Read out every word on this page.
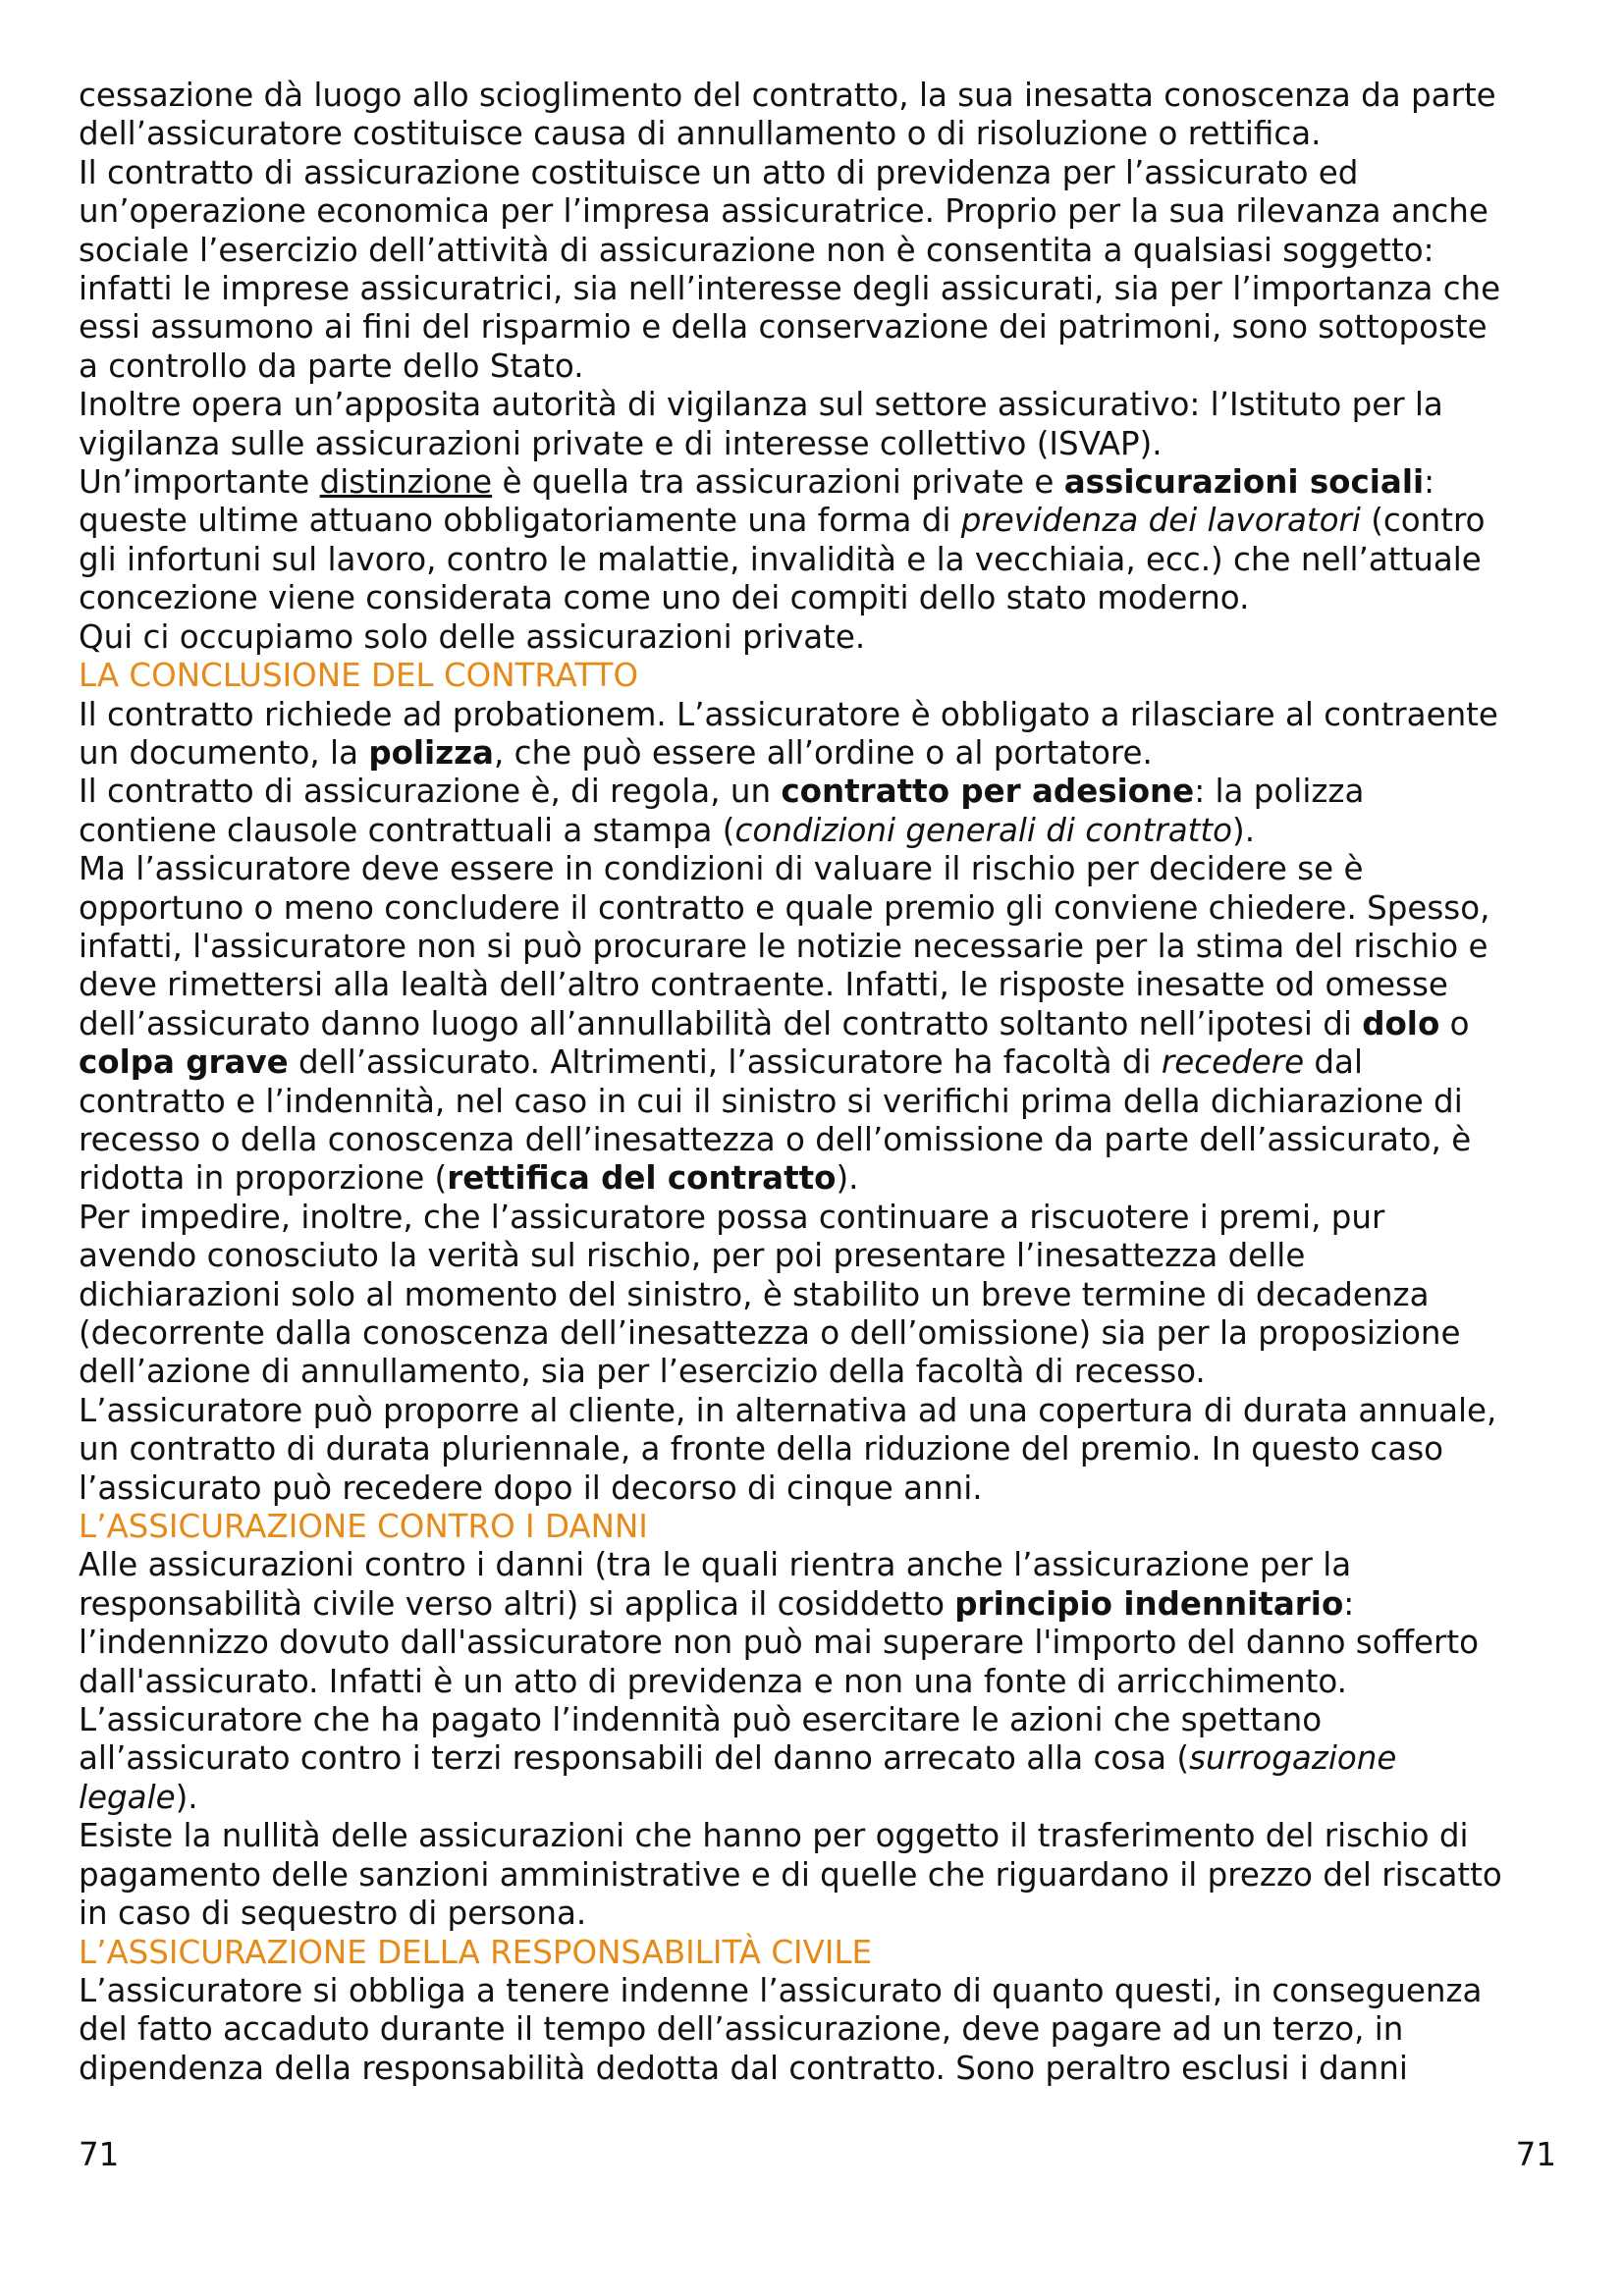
cessazione dà luogo allo scioglimento del contratto, la sua inesatta conoscenza da parte
dell’assicuratore costituisce causa di annullamento o di risoluzione o rettifica.

Il contratto di assicurazione costituisce un atto di previdenza per l’assicurato ed
un’operazione economica per l’impresa assicuratrice. Proprio per la sua rilevanza anche
sociale l’esercizio dell’attività di assicurazione non è consentita a qualsiasi soggetto:
infatti le imprese assicuratrici, sia nell’interesse degli assicurati, sia per l’importanza che
essi assumono ai fini del risparmio e della conservazione dei patrimoni, sono sottoposte
a controllo da parte dello Stato.

Inoltre opera un’apposita autorità di vigilanza sul settore assicurativo: l’Istituto per la
vigilanza sulle assicurazioni private e di interesse collettivo (ISVAP).

Un’importante distinzione è quella tra assicurazioni private e assicurazioni sociali:
queste ultime attuano obbligatoriamente una forma di previdenza dei lavoratori (contro
gli infortuni sul lavoro, contro le malattie, invalidità e la vecchiaia, ecc.) che nell’attuale
concezione viene considerata come uno dei compiti dello stato moderno.

Qui ci occupiamo solo delle assicurazioni private.

LA CONCLUSIONE DEL CONTRATTO

Il contratto richiede ad probationem. L’assicuratore è obbligato a rilasciare al contraente
un documento, la polizza, che può essere all’ordine o al portatore.

Il contratto di assicurazione è, di regola, un contratto per adesione: la polizza
contiene clausole contrattuali a stampa (condizioni generali di contratto).

Ma l’assicuratore deve essere in condizioni di valuare il rischio per decidere se è
opportuno o meno concludere il contratto e quale premio gli conviene chiedere. Spesso,
infatti, l'assicuratore non si può procurare le notizie necessarie per la stima del rischio e
deve rimettersi alla lealtà dell’altro contraente. Infatti, le risposte inesatte od omesse
dell’assicurato danno luogo all’annullabilità del contratto soltanto nell’ipotesi di dolo o
colpa grave dell’assicurato. Altrimenti, l’assicuratore ha facoltà di recedere dal
contratto e l’indennità, nel caso in cui il sinistro si verifichi prima della dichiarazione di
recesso o della conoscenza dell’inesattezza o dell’omissione da parte dell’assicurato, è
ridotta in proporzione (rettifica del contratto).

Per impedire, inoltre, che l’assicuratore possa continuare a riscuotere i premi, pur
avendo conosciuto la verità sul rischio, per poi presentare l’inesattezza delle
dichiarazioni solo al momento del sinistro, è stabilito un breve termine di decadenza
(decorrente dalla conoscenza dell’inesattezza o dell’omissione) sia per la proposizione
dell’azione di annullamento, sia per l’esercizio della facoltà di recesso.

L’assicuratore può proporre al cliente, in alternativa ad una copertura di durata annuale,
un contratto di durata pluriennale, a fronte della riduzione del premio. In questo caso
l’assicurato può recedere dopo il decorso di cinque anni.

L’ASSICURAZIONE CONTRO I DANNI

Alle assicurazioni contro i danni (tra le quali rientra anche l’assicurazione per la
responsabilità civile verso altri) si applica il cosiddetto principio indennitario:
l’indennizzo dovuto dall'assicuratore non può mai superare l'importo del danno sofferto
dall'assicurato. Infatti è un atto di previdenza e non una fonte di arricchimento.

L’assicuratore che ha pagato l’indennità può esercitare le azioni che spettano
all’assicurato contro i terzi responsabili del danno arrecato alla cosa (surrogazione
legale).

Esiste la nullità delle assicurazioni che hanno per oggetto il trasferimento del rischio di
pagamento delle sanzioni amministrative e di quelle che riguardano il prezzo del riscatto
in caso di sequestro di persona.

L’ASSICURAZIONE DELLA RESPONSABILITÀ CIVILE

L’assicuratore si obbliga a tenere indenne l’assicurato di quanto questi, in conseguenza
del fatto accaduto durante il tempo dell’assicurazione, deve pagare ad un terzo, in
dipendenza della responsabilità dedotta dal contratto. Sono peraltro esclusi i danni

71	71
